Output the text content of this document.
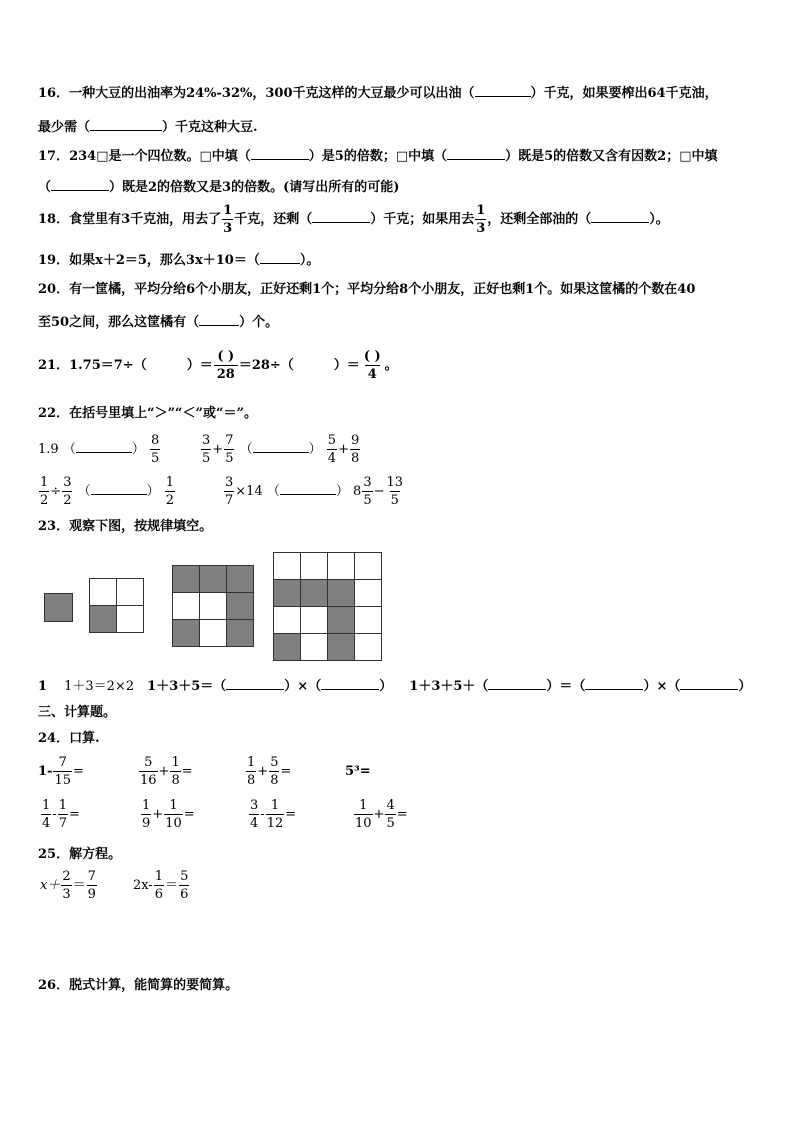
16．一种大豆的出油率为24%-32%，300千克这样的大豆最少可以出油（	）千克，如果要榨出64千克油，
最少需（	）千克这种大豆.
17．234□是一个四位数。□中填（	）是5的倍数；□中填（	）既是5的倍数又含有因数2；□中填
（	）既是2的倍数又是3的倍数。(请写出所有的可能)
18．食堂里有3千克油，用去了 $\frac{1}{3}$ 千克，还剩（	）千克；如果用去 $\frac{1}{3}$ ，还剩全部油的（	）。
19．如果x＋2＝5，那么3x＋10＝（	）。
20．有一筐橘，平均分给6个小朋友，正好还剩1个；平均分给8个小朋友，正好也剩1个。如果这筐橘的个数在40
至50之间，那么这筐橘有（	）个。
21．1.75＝7÷（	）＝ $\frac{( )}{28} =28\div$（	）＝ $\frac{( )}{4}$ 。
22．在括号里填上“＞”“＜”或“＝”。
1.9 （	） $\frac{8}{5}$	$\frac{3}{5} + \frac{7}{5}$ （	） $\frac{5}{4} + \frac{9}{8}$
$\frac{1}{2} \div \frac{3}{2}$ （	） $\frac{1}{2}$	$\frac{3}{7} \times 14$ （	） $8 \frac{3}{5} - \frac{13}{5}$
23．观察下图，按规律填空。
1 1＋3＝2×2 1＋3＋5＝（	）×（	） 1＋3＋5＋（	）＝（	）×（	）
三、计算题。
24．口算.
$1- \frac{7}{15}$ =	$\frac{5}{16} + \frac{1}{8}$ =	$\frac{1}{8} + \frac{5}{8}$ =	5³=
$\frac{1}{4} - \frac{1}{7}$ =	$\frac{1}{9} + \frac{1}{10}$ =	$\frac{3}{4} - \frac{1}{12}$ =	$\frac{1}{10} + \frac{4}{5}$ =
25．解方程。
$x+ \frac{2}{3} = \frac{7}{9}$	$2x- \frac{1}{6} = \frac{5}{6}$
26．脱式计算，能简算的要简算。
